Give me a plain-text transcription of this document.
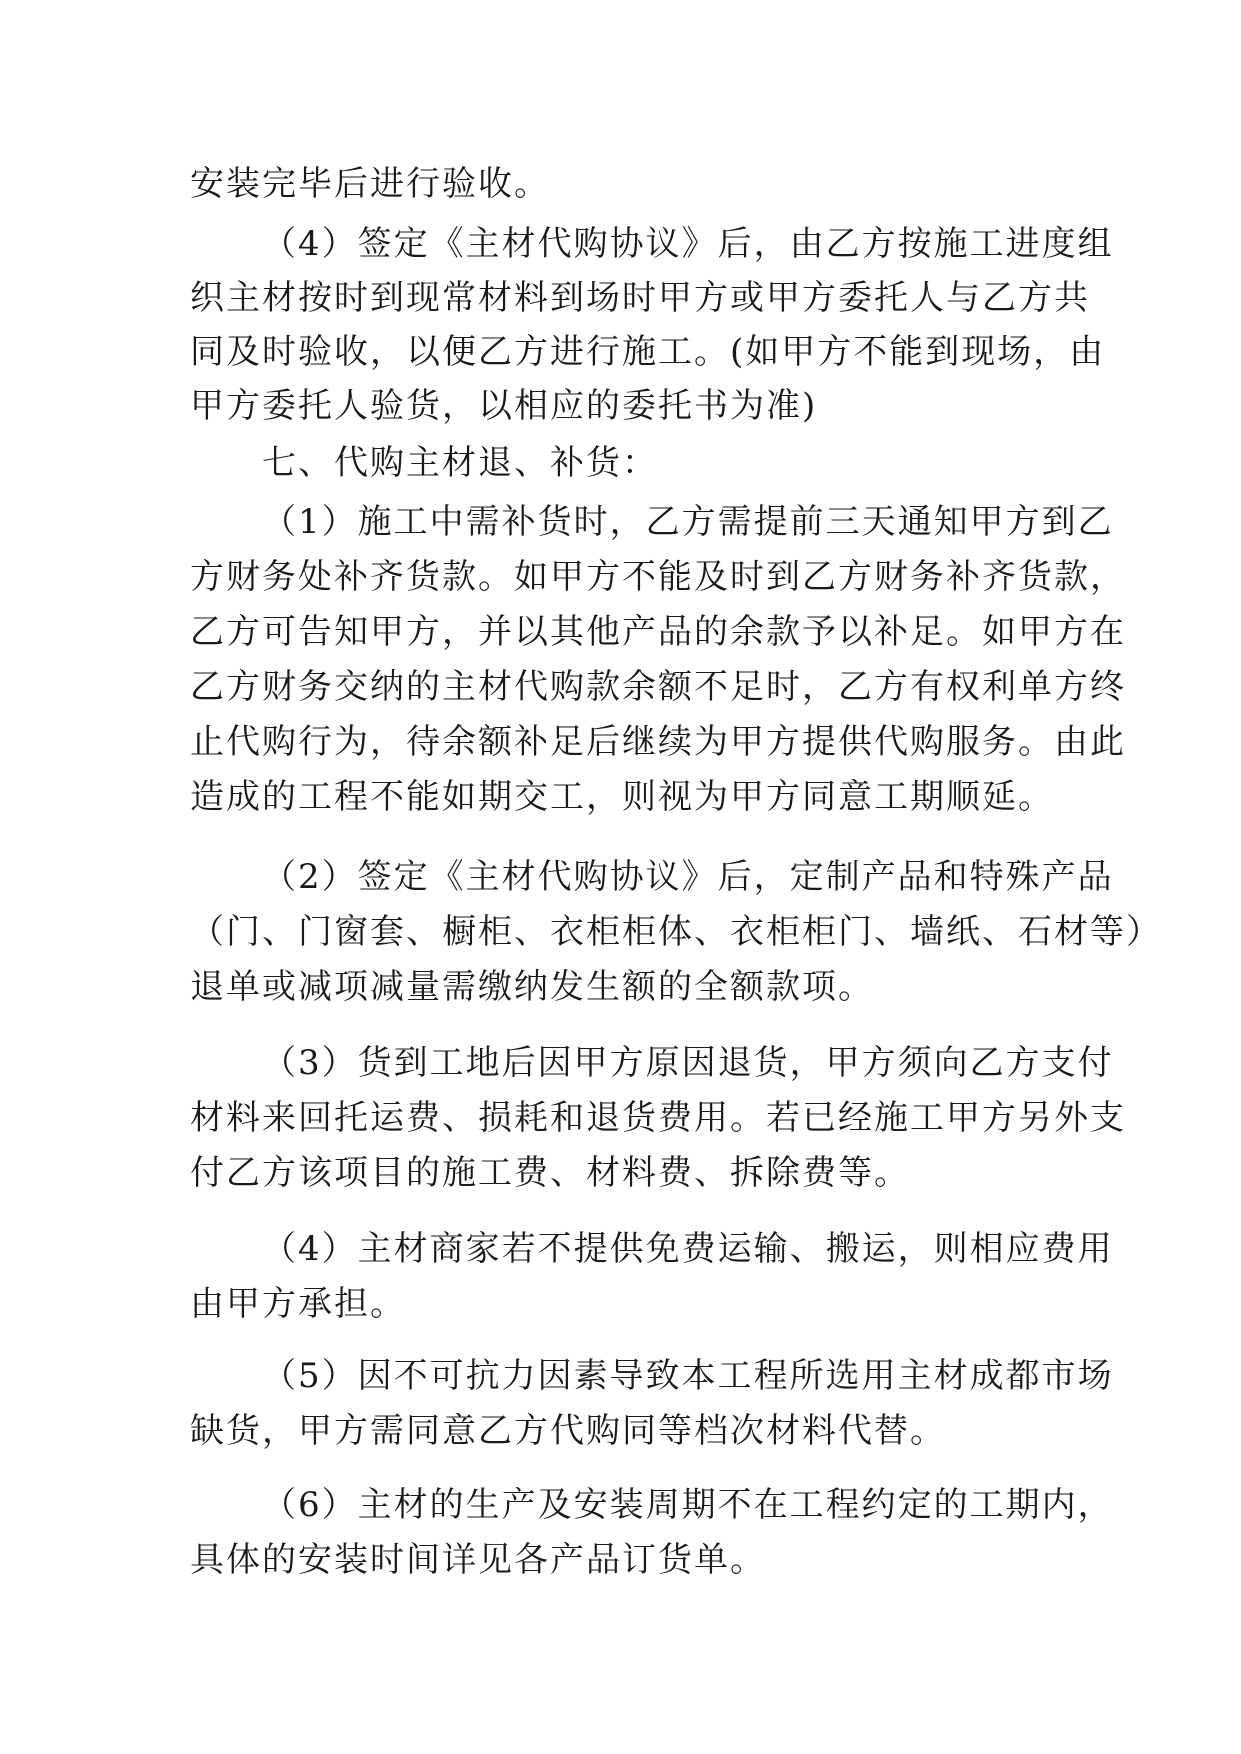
安装完毕后进行验收。
（4）签定《主材代购协议》后，由乙方按施工进度组
织主材按时到现常材料到场时甲方或甲方委托人与乙方共
同及时验收，以便乙方进行施工。(如甲方不能到现场，由
甲方委托人验货，以相应的委托书为准)
七、代购主材退、补货：
（1）施工中需补货时，乙方需提前三天通知甲方到乙
方财务处补齐货款。如甲方不能及时到乙方财务补齐货款，
乙方可告知甲方，并以其他产品的余款予以补足。如甲方在
乙方财务交纳的主材代购款余额不足时，乙方有权利单方终
止代购行为，待余额补足后继续为甲方提供代购服务。由此
造成的工程不能如期交工，则视为甲方同意工期顺延。
（2）签定《主材代购协议》后，定制产品和特殊产品
（门、门窗套、橱柜、衣柜柜体、衣柜柜门、墙纸、石材等）
退单或减项减量需缴纳发生额的全额款项。
（3）货到工地后因甲方原因退货，甲方须向乙方支付
材料来回托运费、损耗和退货费用。若已经施工甲方另外支
付乙方该项目的施工费、材料费、拆除费等。
（4）主材商家若不提供免费运输、搬运，则相应费用
由甲方承担。
（5）因不可抗力因素导致本工程所选用主材成都市场
缺货，甲方需同意乙方代购同等档次材料代替。
（6）主材的生产及安装周期不在工程约定的工期内，
具体的安装时间详见各产品订货单。
